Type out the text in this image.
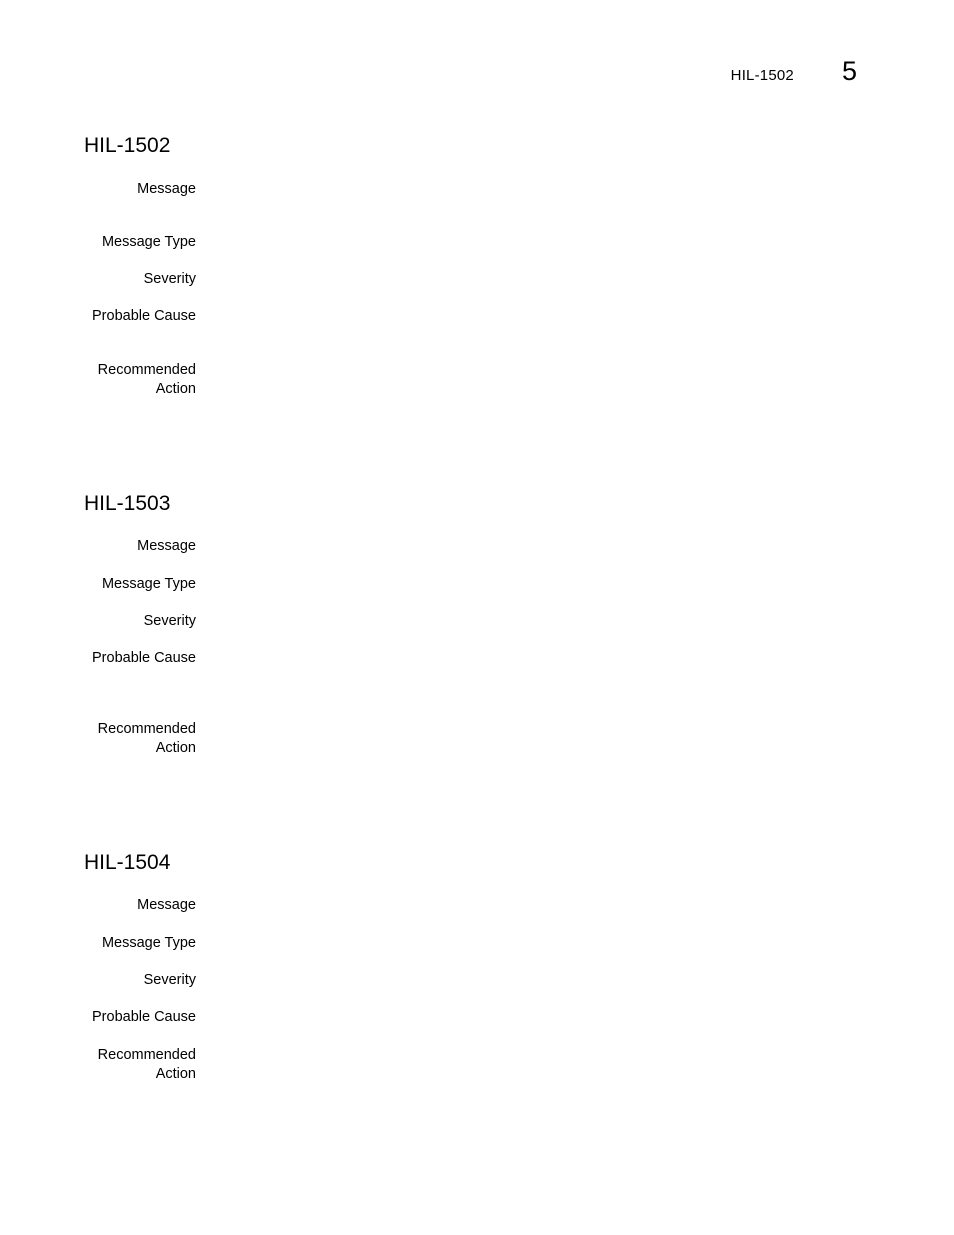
HIL-1502 5
HIL-1502
Message
Message Type
Severity
Probable Cause
Recommended
Action
HIL-1503
Message
Message Type
Severity
Probable Cause
Recommended
Action
HIL-1504
Message
Message Type
Severity
Probable Cause
Recommended
Action
